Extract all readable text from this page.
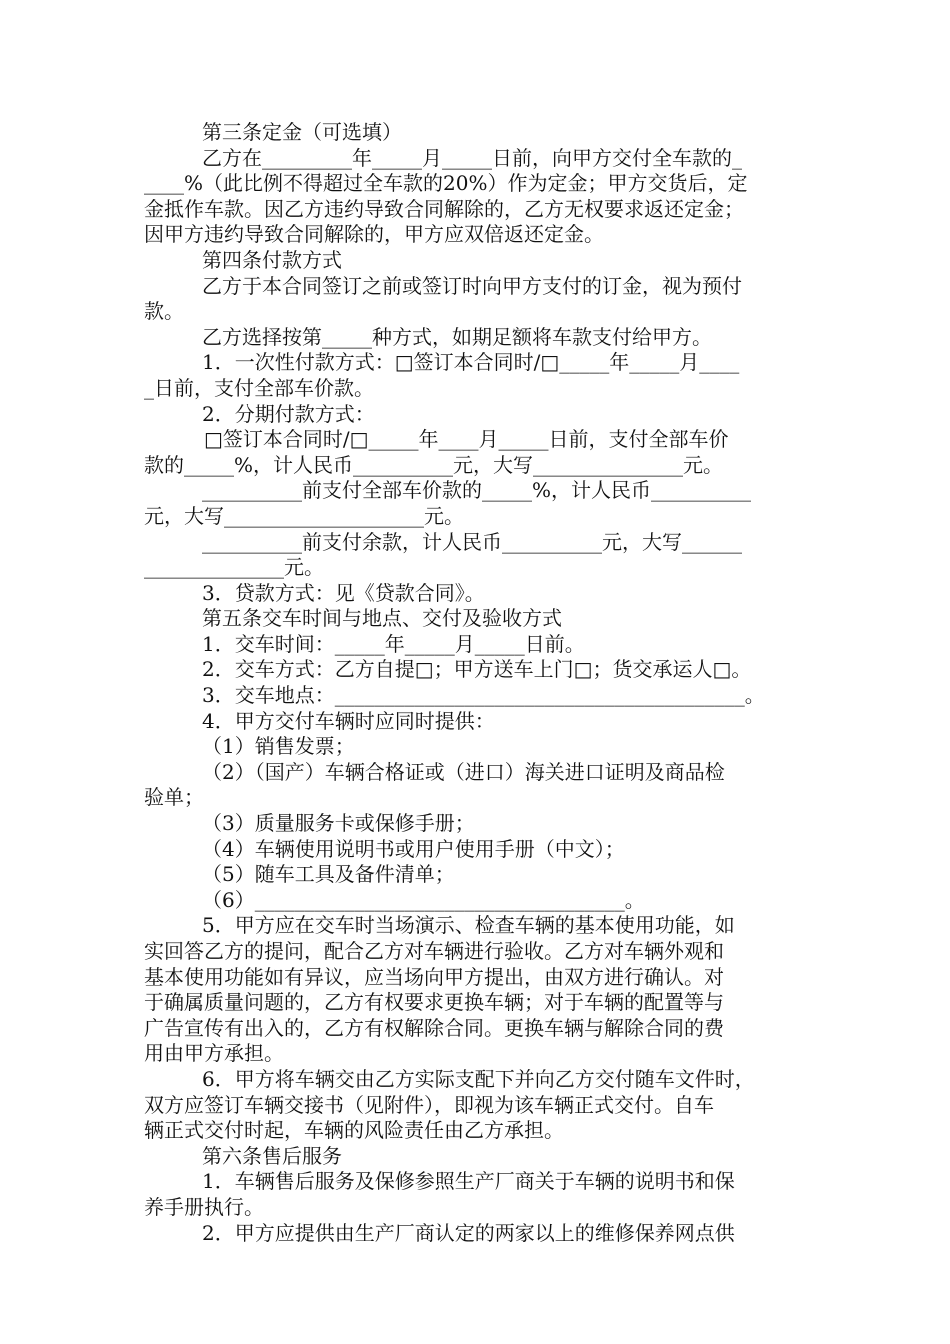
第三条定金（可选填）
乙方在_________年_____月_____日前，向甲方交付全车款的_
____%（此比例不得超过全车款的20%）作为定金；甲方交货后，定
金抵作车款。因乙方违约导致合同解除的，乙方无权要求返还定金；
因甲方违约导致合同解除的，甲方应双倍返还定金。
第四条付款方式
乙方于本合同签订之前或签订时向甲方支付的订金，视为预付
款。
乙方选择按第_____种方式，如期足额将车款支付给甲方。
1．一次性付款方式：□签订本合同时/□_____年_____月____
_日前，支付全部车价款。
2．分期付款方式：
□签订本合同时/□_____年____月_____日前，支付全部车价
款的_____%，计人民币__________元，大写_______________元。
__________前支付全部车价款的_____%，计人民币__________
元，大写____________________元。
__________前支付余款，计人民币__________元，大写______
______________元。
3．贷款方式：见《贷款合同》。
第五条交车时间与地点、交付及验收方式
1．交车时间：_____年_____月_____日前。
2．交车方式：乙方自提□；甲方送车上门□；货交承运人□。
3．交车地点：_________________________________________。
4．甲方交付车辆时应同时提供：
（1）销售发票；
（2）（国产）车辆合格证或（进口）海关进口证明及商品检
验单；
（3）质量服务卡或保修手册；
（4）车辆使用说明书或用户使用手册（中文）；
（5）随车工具及备件清单；
（6）_____________________________________。
5．甲方应在交车时当场演示、检查车辆的基本使用功能，如
实回答乙方的提问，配合乙方对车辆进行验收。乙方对车辆外观和
基本使用功能如有异议，应当场向甲方提出，由双方进行确认。对
于确属质量问题的，乙方有权要求更换车辆；对于车辆的配置等与
广告宣传有出入的，乙方有权解除合同。更换车辆与解除合同的费
用由甲方承担。
6．甲方将车辆交由乙方实际支配下并向乙方交付随车文件时，
双方应签订车辆交接书（见附件），即视为该车辆正式交付。自车
辆正式交付时起，车辆的风险责任由乙方承担。
第六条售后服务
1．车辆售后服务及保修参照生产厂商关于车辆的说明书和保
养手册执行。
2．甲方应提供由生产厂商认定的两家以上的维修保养网点供
